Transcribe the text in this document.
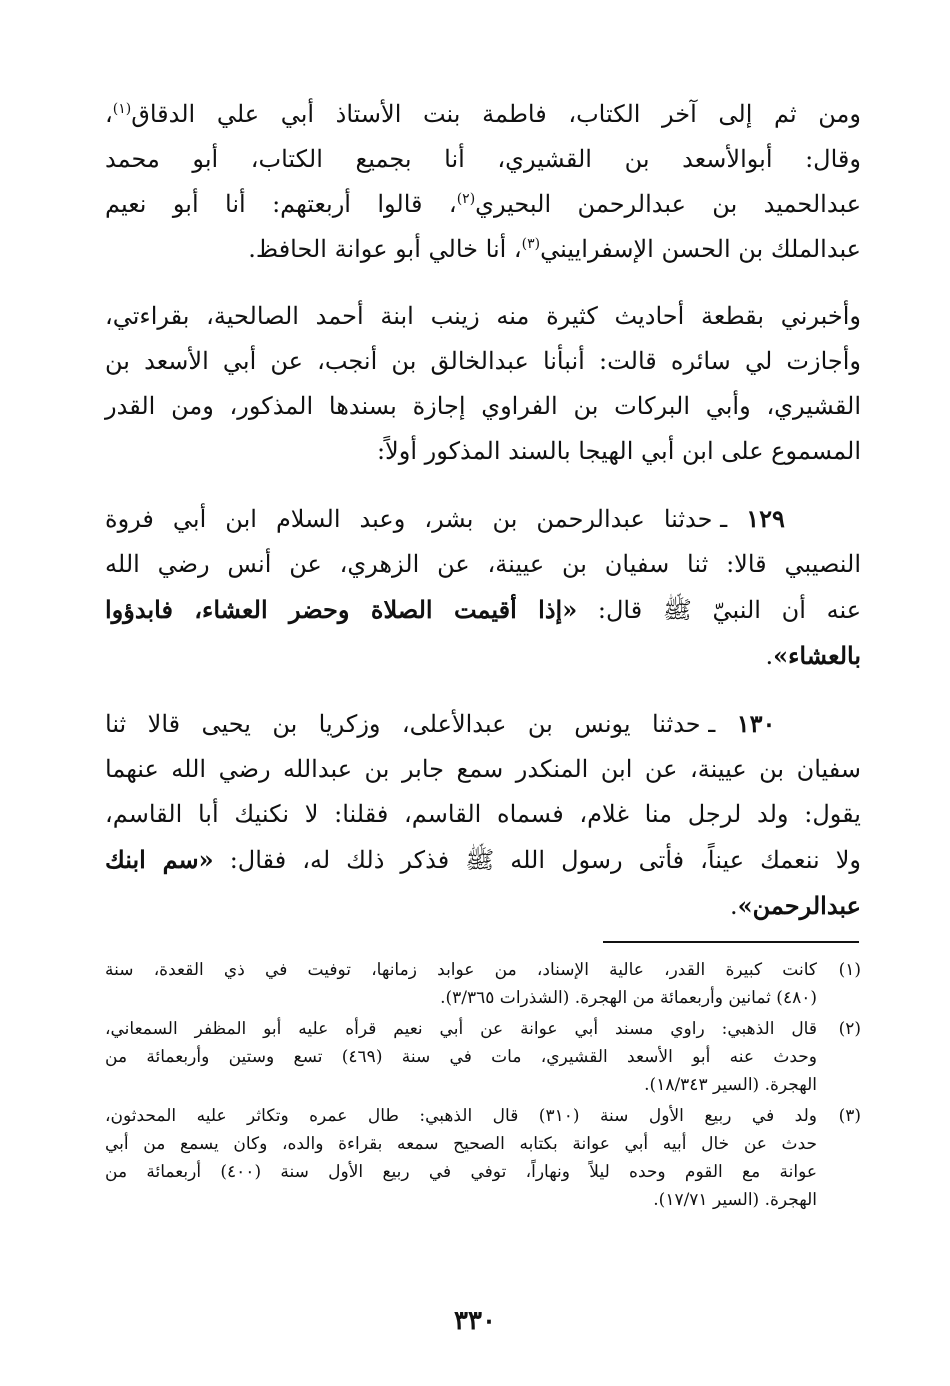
ومن ثم إلى آخر الكتاب، فاطمة بنت الأستاذ أبي علي الدقاق$^{(١)}$،
وقال: أبوالأسعد بن القشيري، أنا بجميع الكتاب، أبو محمد
عبدالحميد بن عبدالرحمن البحيري$^{(٢)}$، قالوا أربعتهم: أنا أبو نعيم
عبدالملك بن الحسن الإسفراييني$^{(٣)}$، أنا خالي أبو عوانة الحافظ.

وأخبرني بقطعة أحاديث كثيرة منه زينب ابنة أحمد الصالحية، بقراءتي،
وأجازت لي سائره قالت: أنبأنا عبدالخالق بن أنجب، عن أبي الأسعد بن
القشيري، وأبي البركات بن الفراوي إجازة بسندها المذكور، ومن القدر
المسموع على ابن أبي الهيجا بالسند المذكور أولاً:

١٢٩ ـ حدثنا عبدالرحمن بن بشر، وعبد السلام ابن أبي فروة
النصيبي قالا: ثنا سفيان بن عيينة، عن الزهري، عن أنس رضي الله
عنه أن النبيّ ﷺ قال: «إذا أقيمت الصلاة وحضر العشاء، فابدؤوا
بالعشاء».

١٣٠ ـ حدثنا يونس بن عبدالأعلى، وزكريا بن يحيى قالا ثنا
سفيان بن عيينة، عن ابن المنكدر سمع جابر بن عبدالله رضي الله عنهما
يقول: ولد لرجل منا غلام، فسماه القاسم، فقلنا: لا نكنيك أبا القاسم،
ولا ننعمك عيناً، فأتى رسول الله ﷺ فذكر ذلك له، فقال: «سم ابنك
عبدالرحمن».

(١)
كانت كبيرة القدر، عالية الإسناد، من عوابد زمانها، توفيت في ذي القعدة، سنة
(٤٨٠) ثمانين وأربعمائة من الهجرة. (الشذرات ٣/٣٦٥).
(٢)
قال الذهبي: راوي مسند أبي عوانة عن أبي نعيم قرأه عليه أبو المظفر السمعاني،
وحدث عنه أبو الأسعد القشيري، مات في سنة (٤٦٩) تسع وستين وأربعمائة من
الهجرة. (السير ١٨/٣٤٣).
(٣)
ولد في ربيع الأول سنة (٣١٠) قال الذهبي: طال عمره وتكاثر عليه المحدثون،
حدث عن خال أبيه أبي عوانة بكتابه الصحيح سمعه بقراءة والده، وكان يسمع من أبي
عوانة مع القوم وحده ليلاً ونهاراً، توفي في ربيع الأول سنة (٤٠٠) أربعمائة من
الهجرة. (السير ١٧/٧١).
٣٣٠
